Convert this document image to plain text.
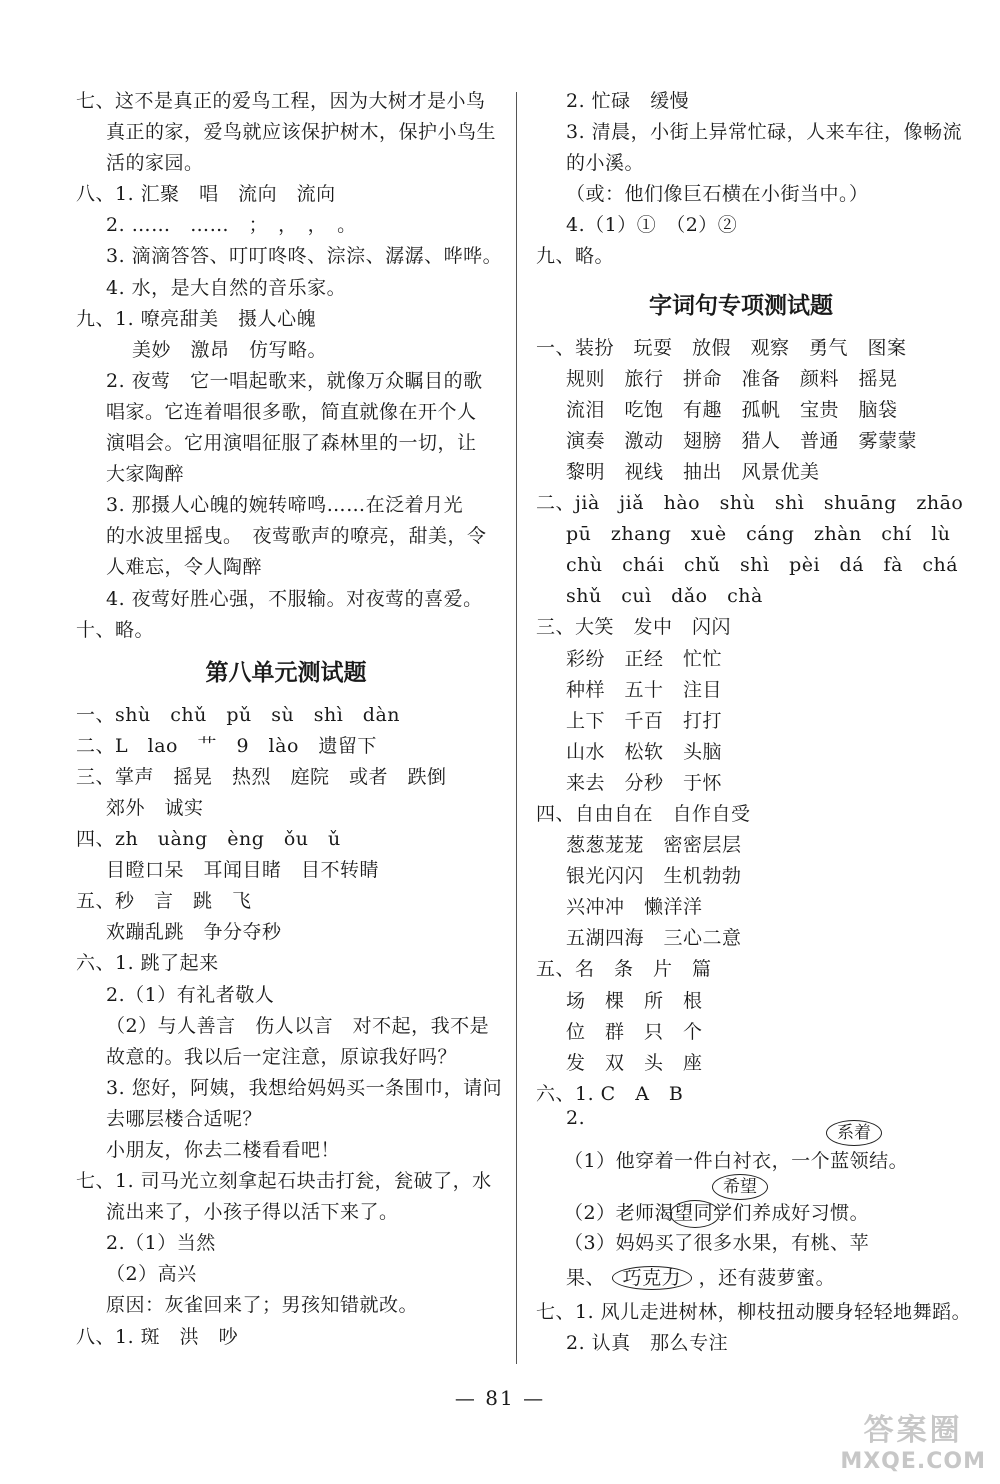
七、这不是真正的爱鸟工程，因为大树才是小鸟
真正的家，爱鸟就应该保护树木，保护小鸟生
活的家园。
八、1. 汇聚　唱　流向　流向
2. ……　……　；　，　，　。
3. 滴滴答答、叮叮咚咚、淙淙、潺潺、哗哗。
4. 水，是大自然的音乐家。
九、1. 嘹亮甜美　摄人心魄
美妙　激昂　仿写略。
2. 夜莺　它一唱起歌来，就像万众瞩目的歌
唱家。它连着唱很多歌，简直就像在开个人
演唱会。它用演唱征服了森林里的一切，让
大家陶醉
3. 那摄人心魄的婉转啼鸣……在泛着月光
的水波里摇曳。　夜莺歌声的嘹亮，甜美，令
人难忘，令人陶醉
4. 夜莺好胜心强，不服输。对夜莺的喜爱。
十、略。
第八单元测试题
一、shù　chǔ　pǔ　sù　shì　dàn
二、L　lao　艹　9　lào　遗留下
三、掌声　摇晃　热烈　庭院　或者　跌倒
郊外　诚实
四、zh　uàng　èng　ǒu　ǔ
目瞪口呆　耳闻目睹　目不转睛
五、秒　言　跳　飞
欢蹦乱跳　争分夺秒
六、1. 跳了起来
2.（1）有礼者敬人
（2）与人善言　伤人以言　对不起，我不是
故意的。我以后一定注意，原谅我好吗？
3. 您好，阿姨，我想给妈妈买一条围巾，请问
去哪层楼合适呢？
小朋友，你去二楼看看吧！
七、1. 司马光立刻拿起石块击打瓮，瓮破了，水
流出来了，小孩子得以活下来了。
2.（1）当然
（2）高兴
原因：灰雀回来了；男孩知错就改。
八、1. 斑　洪　吵
2. 忙碌　缓慢
3. 清晨，小街上异常忙碌，人来车往，像畅流
的小溪。
（或：他们像巨石横在小街当中。）
4.（1）①　（2）②
九、略。
字词句专项测试题
一、装扮　玩耍　放假　观察　勇气　图案
规则　旅行　拼命　准备　颜料　摇晃
流泪　吃饱　有趣　孤帆　宝贵　脑袋
演奏　激动　翅膀　猎人　普通　雾蒙蒙
黎明　视线　抽出　风景优美
二、jià　jiǎ　hào　shù　shì　shuāng　zhāo
pū　zhang　xuè　cáng　zhàn　chí　lù
chù　chái　chǔ　shì　pèi　dá　fà　chá
shǔ　cuì　dǎo　chà
三、大笑　发中　闪闪
彩纷　正经　忙忙
种样　五十　注目
上下　千百　打打
山水　松软　头脑
来去　分秒　于怀
四、自由自在　自作自受
葱葱茏茏　密密层层
银光闪闪　生机勃勃
兴冲冲　懒洋洋
五湖四海　三心二意
五、名　条　片　篇
场　棵　所　根
位　群　只　个
发　双　头　座
六、1. C　A　B
2.
系着
（1）他穿着一件白衬衣，一个蓝领结。
希望
（2）老师渴望同学们养成好习惯。
（3）妈妈买了很多水果，有桃、苹
果、 巧克力 ，还有菠萝蜜。
七、1. 风儿走进树林，柳枝扭动腰身轻轻地舞蹈。
2. 认真　那么专注
— 81 —
答案圈
MXQE.COM
